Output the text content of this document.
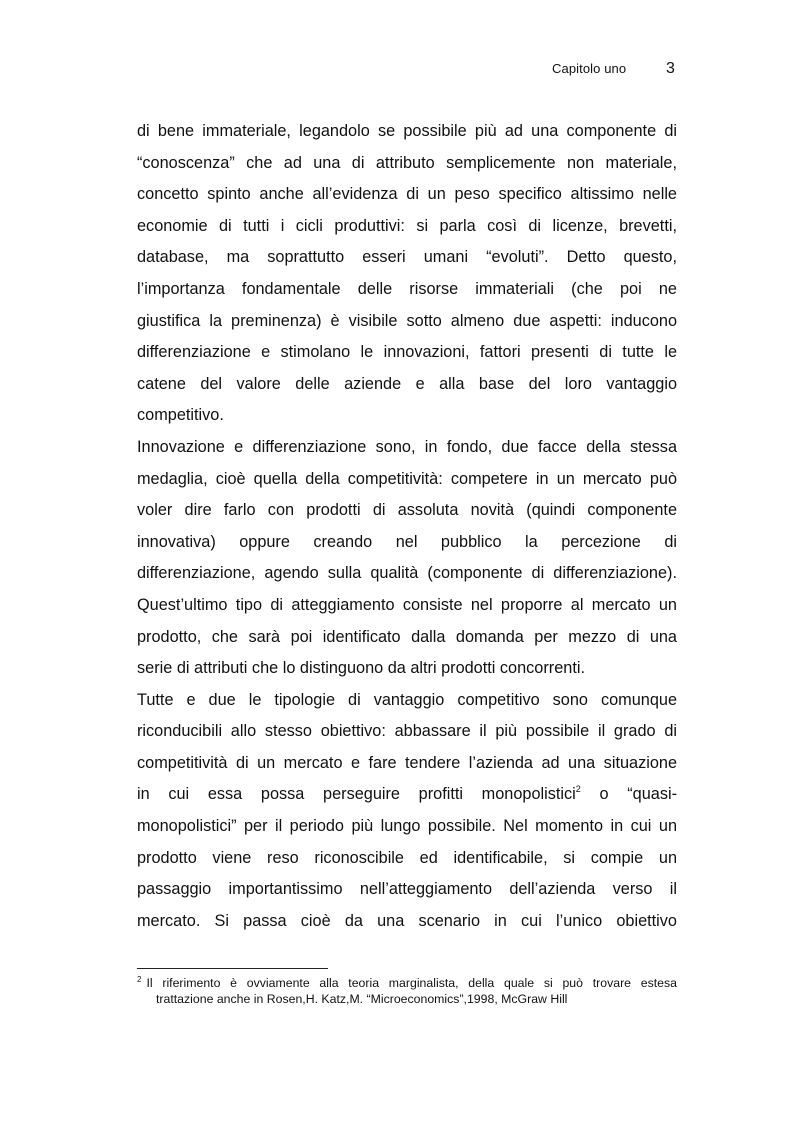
Capitolo uno 3
di bene immateriale, legandolo se possibile più ad una componente di
“conoscenza” che ad una di attributo semplicemente non materiale,
concetto spinto anche all’evidenza di un peso specifico altissimo nelle
economie di tutti i cicli produttivi: si parla così di licenze, brevetti,
database, ma soprattutto esseri umani “evoluti”. Detto questo,
l’importanza fondamentale delle risorse immateriali (che poi ne
giustifica la preminenza) è visibile sotto almeno due aspetti: inducono
differenziazione e stimolano le innovazioni, fattori presenti di tutte le
catene del valore delle aziende e alla base del loro vantaggio
competitivo.
Innovazione e differenziazione sono, in fondo, due facce della stessa
medaglia, cioè quella della competitività: competere in un mercato può
voler dire farlo con prodotti di assoluta novità (quindi componente
innovativa) oppure creando nel pubblico la percezione di
differenziazione, agendo sulla qualità (componente di differenziazione).
Quest’ultimo tipo di atteggiamento consiste nel proporre al mercato un
prodotto, che sarà poi identificato dalla domanda per mezzo di una
serie di attributi che lo distinguono da altri prodotti concorrenti.
Tutte e due le tipologie di vantaggio competitivo sono comunque
riconducibili allo stesso obiettivo: abbassare il più possibile il grado di
competitività di un mercato e fare tendere l’azienda ad una situazione
in cui essa possa perseguire profitti monopolistici$^2$ o “quasi-
monopolistici” per il periodo più lungo possibile. Nel momento in cui un
prodotto viene reso riconoscibile ed identificabile, si compie un
passaggio importantissimo nell’atteggiamento dell’azienda verso il
mercato. Si passa cioè da una scenario in cui l’unico obiettivo
$^2$ Il riferimento è ovviamente alla teoria marginalista, della quale si può trovare estesa
trattazione anche in Rosen,H. Katz,M. “Microeconomics”,1998, McGraw Hill
